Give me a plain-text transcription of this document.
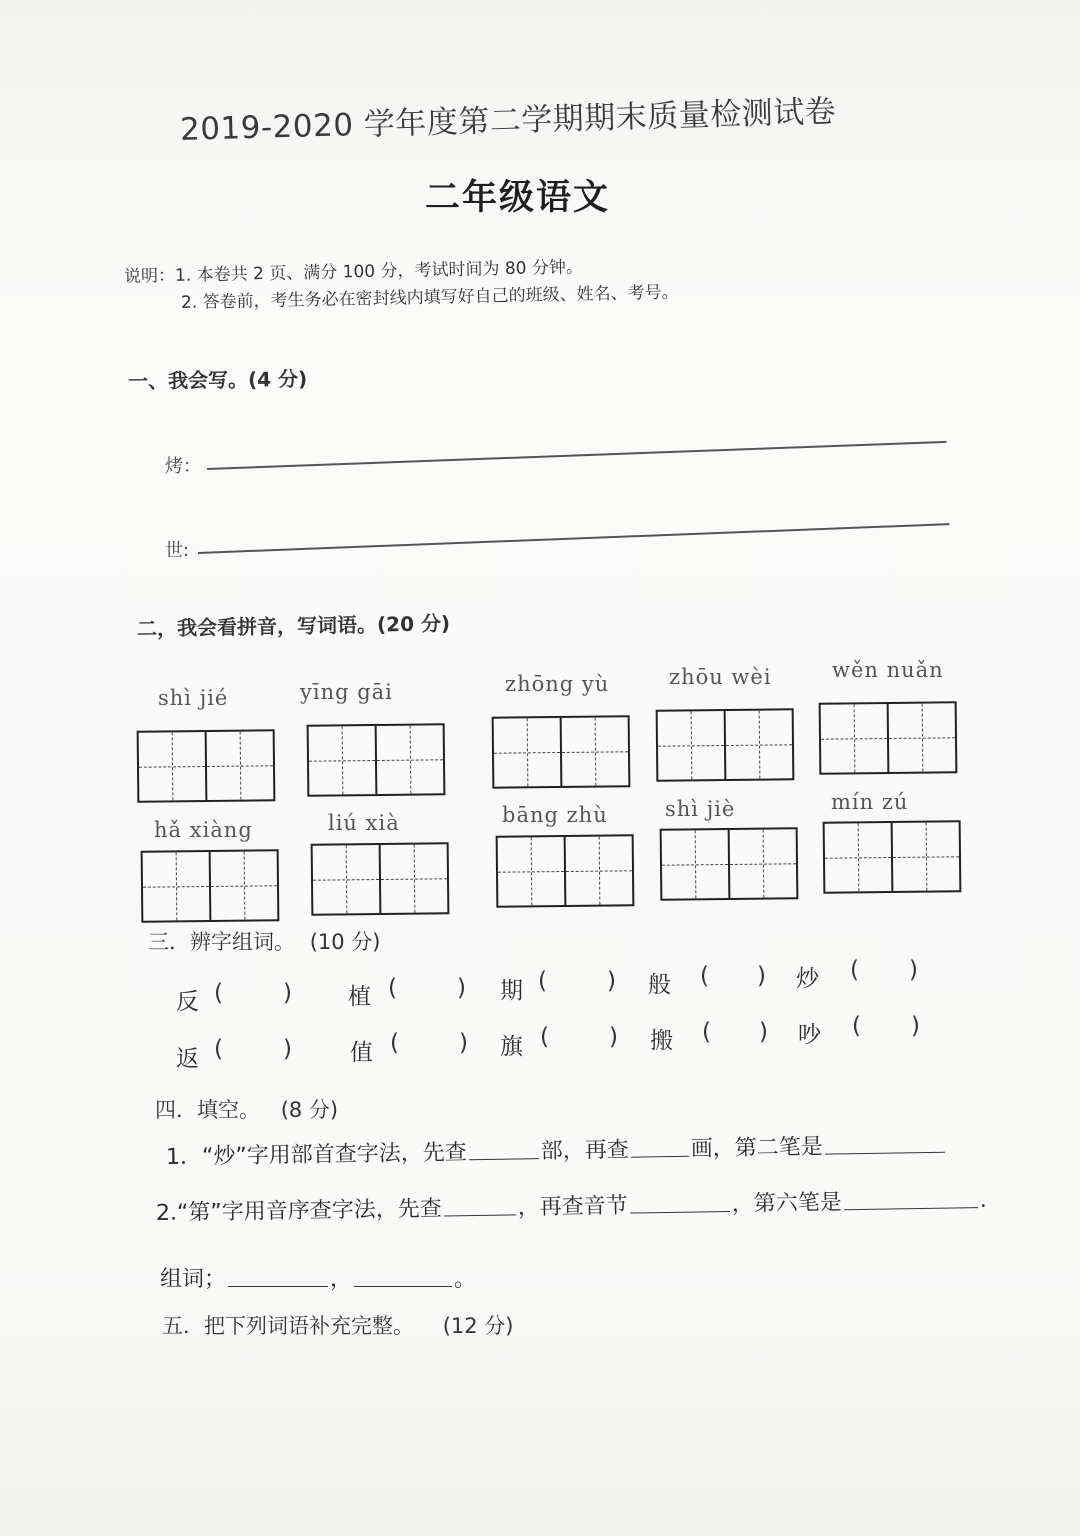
2019-2020 学年度第二学期期末质量检测试卷
二年级语文
说明：1. 本卷共 2 页、满分 100 分，考试时间为 80 分钟。
2. 答卷前，考生务必在密封线内填写好自己的班级、姓名、考号。
一、我会写。(4 分)
烤：
世:
二，我会看拼音，写词语。(20 分)
shì jié	yīng gāi	zhōng yù	zhōu wèi	wěn nuǎn
hǎ xiàng	liú xià	bāng zhù	shì jiè	mín zú
三．辨字组词。 (10 分)
反 (	) 植 (	) 期 (	) 般 ( ) 炒 ( )
返 (	)	值 (	) 旗 (	) 搬 ( ) 吵 ( )
四．填空。 (8 分)
1．“炒”字用部首查字法，先查	部，再查	画，第二笔是
2.“第”字用音序查字法，先查	，再查音节	，第六笔是	.
组词；	，	。
五．把下列词语补充完整。 (12 分)
